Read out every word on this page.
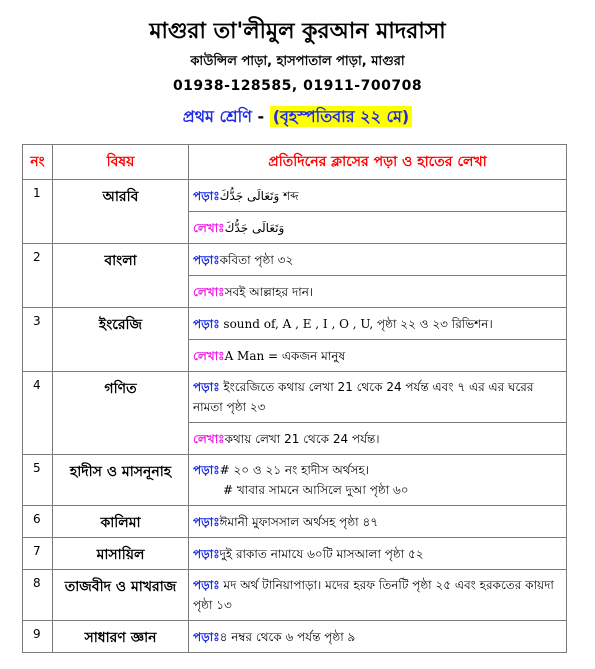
মাগুরা তা'লীমুল কুরআন মাদরাসা
কাউন্সিল পাড়া, হাসপাতাল পাড়া, মাগুরা
01938-128585, 01911-700708
প্রথম শ্রেণি - (বৃহস্পতিবার ২২ মে)
নং	বিষয়	প্রতিদিনের ক্লাসের পড়া ও হাতের লেখা
1	আরবি	পড়াঃوَتَعَالَى جَدُّكَ শব্দ
		লেখাঃوَتَعَالَى جَدُّكَ
2	বাংলা	পড়াঃকবিতা পৃষ্ঠা ৩২
		লেখাঃসবই আল্লাহর দান।
3	ইংরেজি	পড়াঃ sound of, A , E , I , O , U, পৃষ্ঠা ২২ ও ২৩ রিভিশন।
		লেখাঃA Man = একজন মানুষ
4	গণিত	পড়াঃ ইংরেজিতে কথায় লেখা 21 থেকে 24 পর্যন্ত এবং ৭ এর এর ঘরের নামতা পৃষ্ঠা ২৩
		লেখাঃকথায় লেখা 21 থেকে 24 পর্যন্ত।
5	হাদীস ও মাসনূনাহ	পড়াঃ# ২০ ও ২১ নং হাদীস অর্থসহ।
# খাবার সামনে আসিলে দুআ পৃষ্ঠা ৬০
6	কালিমা	পড়াঃঈমানী মুফাসসাল অর্থসহ পৃষ্ঠা ৪৭
7	মাসায়িল	পড়াঃদুই রাকাত নামাযে ৬০টি মাসআলা পৃষ্ঠা ৫২
8	তাজবীদ ও মাখরাজ	পড়াঃ মদ অর্থ টানিয়াপাড়া। মদের হরফ তিনটি পৃষ্ঠা ২৫ এবং হরকতের কায়দা পৃষ্ঠা ১৩
9	সাধারণ জ্ঞান	পড়াঃ৪ নম্বর থেকে ৬ পর্যন্ত পৃষ্ঠা ৯
